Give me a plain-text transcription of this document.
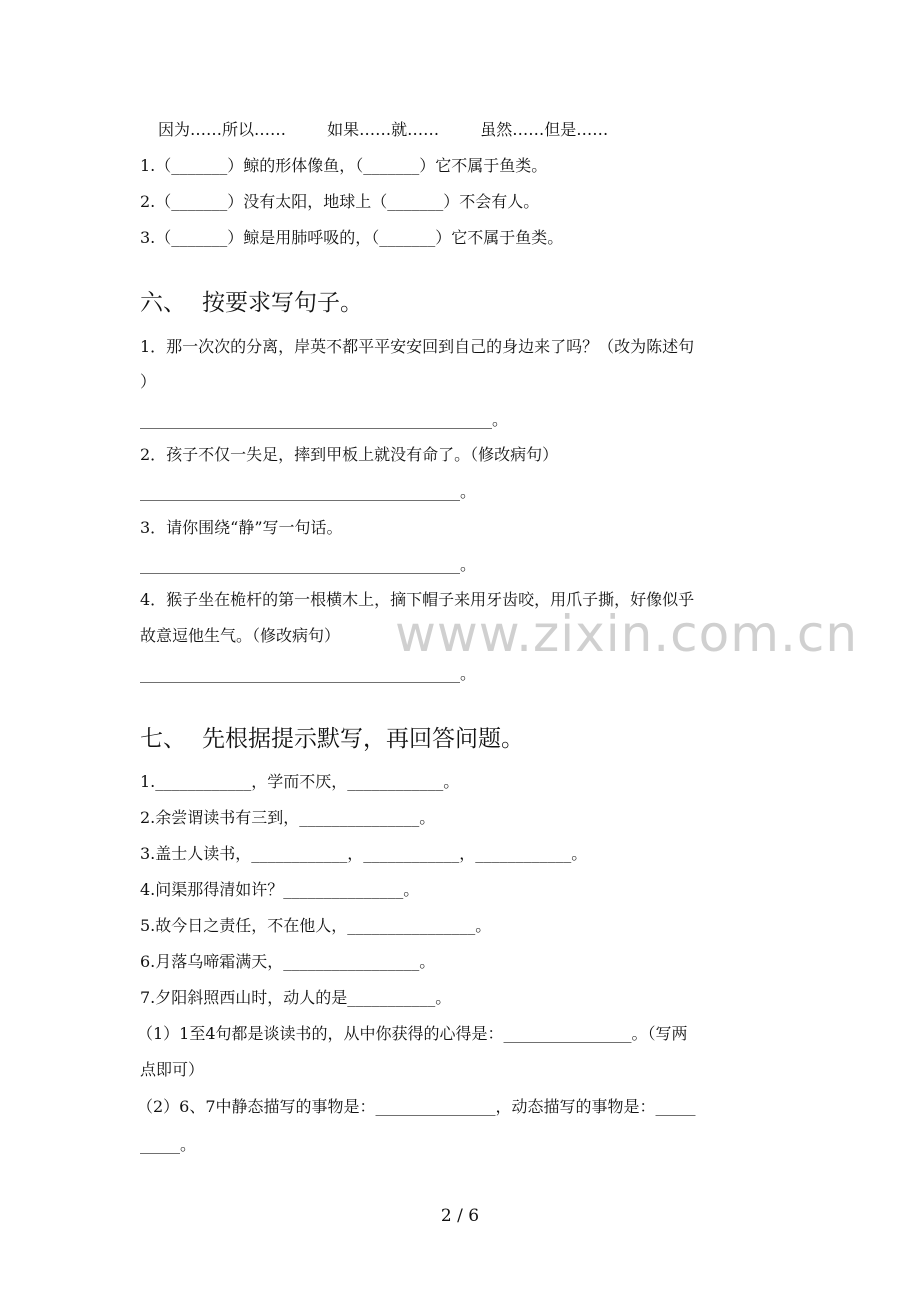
www.zixin.com.cn
因为……所以……	如果……就……	虽然……但是……
1.（_______）鲸的形体像鱼，（_______）它不属于鱼类。
2.（_______）没有太阳，地球上（_______）不会有人。
3.（_______）鲸是用肺呼吸的，（_______）它不属于鱼类。
六、 按要求写句子。
1．那一次次的分离，岸英不都平平安安回到自己的身边来了吗？（改为陈述句
）
____________________________________________。
2．孩子不仅一失足，摔到甲板上就没有命了。（修改病句）
________________________________________。
3．请你围绕“静”写一句话。
________________________________________。
4．猴子坐在桅杆的第一根横木上，摘下帽子来用牙齿咬，用爪子撕，好像似乎
故意逗他生气。（修改病句）
________________________________________。
七、 先根据提示默写，再回答问题。
1.____________，学而不厌，____________。
2.余尝谓读书有三到，_______________。
3.盖士人读书，____________，____________，____________。
4.问渠那得清如许？_______________。
5.故今日之责任，不在他人，________________。
6.月落乌啼霜满天，_________________。
7.夕阳斜照西山时，动人的是___________。
（1）1至4句都是谈读书的，从中你获得的心得是：________________。（写两
点即可）
（2）6、7中静态描写的事物是：_______________，动态描写的事物是：_____
_____。
2 / 6
